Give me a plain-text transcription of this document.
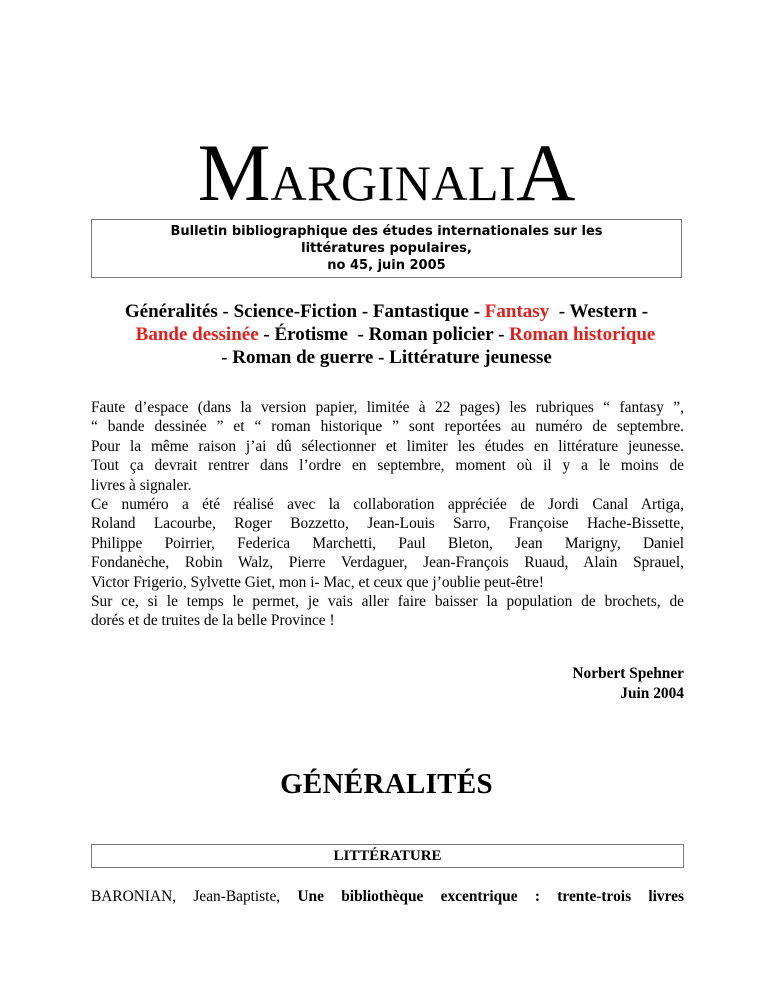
MARGINALIA
Bulletin bibliographique des études internationales sur les
littératures populaires,
no 45, juin 2005
Généralités - Science-Fiction - Fantastique - Fantasy - Western -
Bande dessinée - Érotisme - Roman policier - Roman historique
- Roman de guerre - Littérature jeunesse
Faute d’espace (dans la version papier, limitée à 22 pages) les rubriques “ fantasy ”,
“ bande dessinée ” et “ roman historique ” sont reportées au numéro de septembre.
Pour la même raison j’ai dû sélectionner et limiter les études en littérature jeunesse.
Tout ça devrait rentrer dans l’ordre en septembre, moment où il y a le moins de
livres à signaler.
Ce numéro a été réalisé avec la collaboration appréciée de Jordi Canal Artiga,
Roland Lacourbe, Roger Bozzetto, Jean-Louis Sarro, Françoise Hache-Bissette,
Philippe Poirrier, Federica Marchetti, Paul Bleton, Jean Marigny, Daniel
Fondanèche, Robin Walz, Pierre Verdaguer, Jean-François Ruaud, Alain Sprauel,
Victor Frigerio, Sylvette Giet, mon i- Mac, et ceux que j’oublie peut-être!
Sur ce, si le temps le permet, je vais aller faire baisser la population de brochets, de
dorés et de truites de la belle Province !
Norbert Spehner
Juin 2004
GÉNÉRALITÉS
LITTÉRATURE
BARONIAN, Jean-Baptiste, Une bibliothèque excentrique : trente-trois livres
